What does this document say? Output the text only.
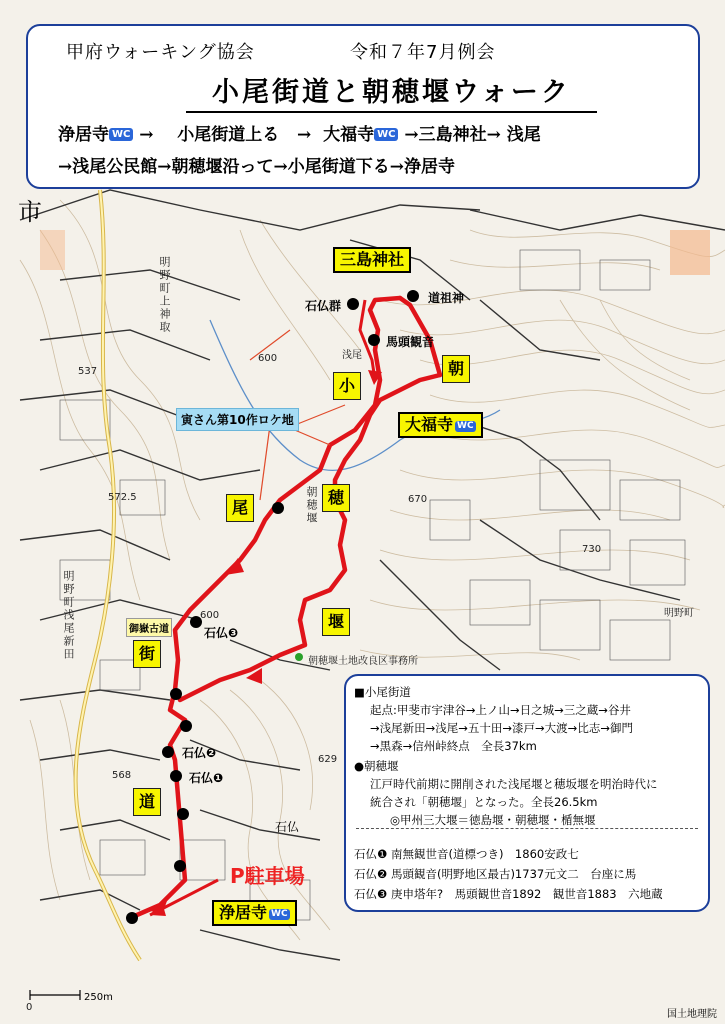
甲府ウォーキング協会	令和７年7月例会
小尾街道と朝穂堰ウォーク
浄居寺 WC → 小尾街道上る → 大福寺 WC →三島神社→ 浅尾
→浅尾公民館→朝穂堰沿って→小尾街道下る→浄居寺
市
三島神社
道祖神
石仏群
馬頭観音
小
朝
大福寺 WC
寅さん第10作ロケ地
尾
穂
朝穂堰
堰
御嶽古道
街
道
石仏❸
朝穂堰土地改良区事務所
石仏❷
石仏❶
石仏
P駐車場
浄居寺 WC
明野町上神取
明野町浅尾新田	明野町
浅尾
537
572.5
600
600
670
730
568
629
■小尾街道
起点:甲斐市宇津谷→上ノ山→日之城→三之蔵→谷井
→浅尾新田→浅尾→五十田→漆戸→大渡→比志→御門
→黒森→信州峠終点　全長37km
●朝穂堰
江戸時代前期に開削された浅尾堰と穂坂堰を明治時代に
統合され「朝穂堰」となった。全長26.5km
◎甲州三大堰＝徳島堰・朝穂堰・楯無堰
石仏❶ 南無観世音(道標つき)　1860安政七
石仏❷ 馬頭観音(明野地区最古)1737元文二　台座に馬
石仏❸ 庚申塔年?　馬頭観世音1892　観世音1883　六地蔵
0
250m
国土地理院
